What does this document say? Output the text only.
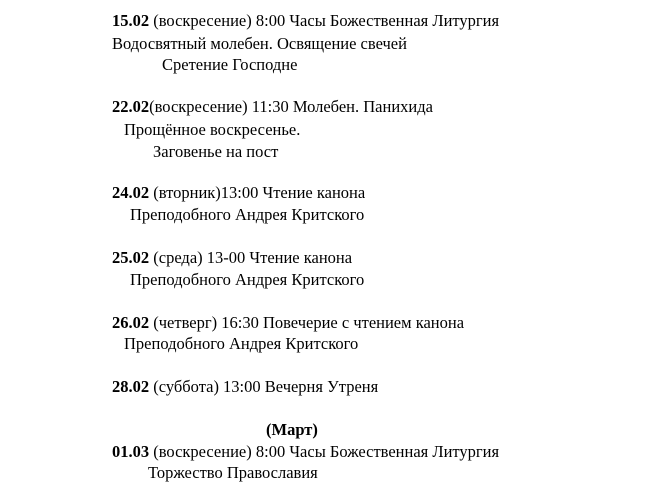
15.02 (воскресение) 8:00 Часы Божественная Литургия
Водосвятный молебен. Освящение свечей
Сретение Господне
22.02(воскресение) 11:30 Молебен. Панихида
Прощённое воскресенье.
Заговенье на пост
24.02 (вторник)13:00 Чтение канона
Преподобного Андрея Критского
25.02 (среда) 13-00 Чтение канона
Преподобного Андрея Критского
26.02 (четверг) 16:30 Повечерие с чтением канона
Преподобного Андрея Критского
28.02 (суббота) 13:00 Вечерня Утреня
(Март)
01.03 (воскресение) 8:00 Часы Божественная Литургия
Торжество Православия
